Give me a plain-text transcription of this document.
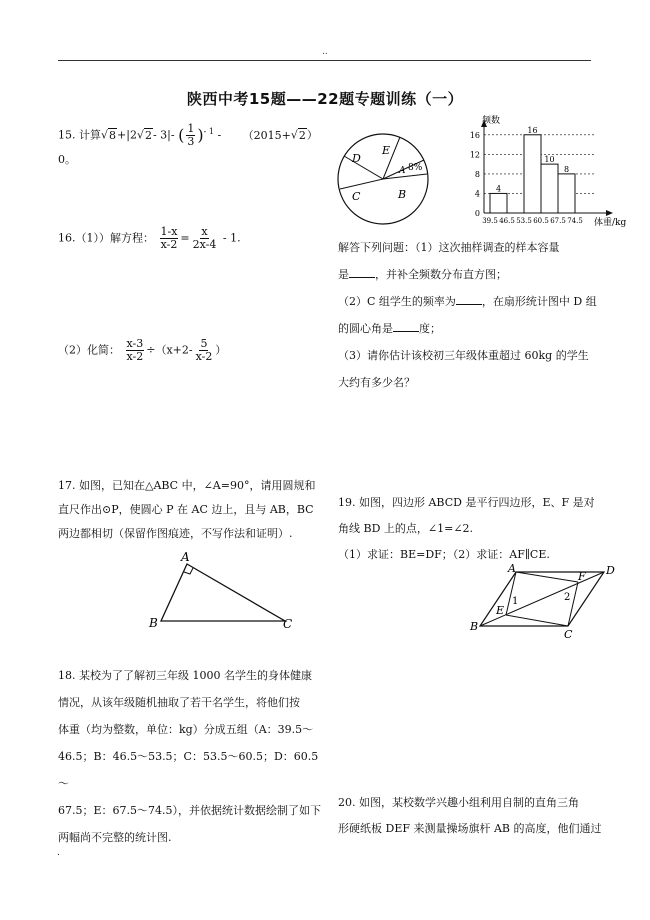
..
陕西中考15题——22题专题训练（一）
15. 计算√8+|2√2- 3|- ( $\frac{1}{3} )^{- 1} - (2015+√2)$
0。
16.（1））解方程： $\frac{1-x}{x-2} = \frac{x}{2x-4} - 1$.
（2）化简： $\frac{x-3}{x-2} \div(x+2- \frac{5}{x-2}$ ）
17. 如图，已知在△ABC 中，∠A=90°，请用圆规和
直尺作出⊙P，使圆心 P 在 AC 边上，且与 AB，BC
两边都相切（保留作图痕迹，不写作法和证明）.
A
B	C
18. 某校为了了解初三年级 1000 名学生的身体健康
情况，从该年级随机抽取了若干名学生，将他们按
体重（均为整数，单位：kg）分成五组（A：39.5～
46.5；B：46.5～53.5；C：53.5～60.5；D：60.5～
67.5；E：67.5～74.5），并依据统计数据绘制了如下
两幅尚不完整的统计图.
D
E
A 8%
C	B
频数
体重/kg
0
4
8
12
16
39.5 46.5 53.5 60.5 67.5 74.5
4
16
10
8
解答下列问题：（1）这次抽样调查的样本容量
是 ，并补全频数分布直方图；
（2）C 组学生的频率为 ，在扇形统计图中 D 组
的圆心角是 度；
（3）请你估计该校初三年级体重超过 60kg 的学生
大约有多少名？
19. 如图，四边形 ABCD 是平行四边形，E、F 是对
角线 BD 上的点，∠1=∠2.
（1）求证：BE=DF；（2）求证：AF∥CE.
A	D
B
C
E
F
1	2
20. 如图，某校数学兴趣小组利用自制的直角三角
形硬纸板 DEF 来测量操场旗杆 AB 的高度，他们通过
.
